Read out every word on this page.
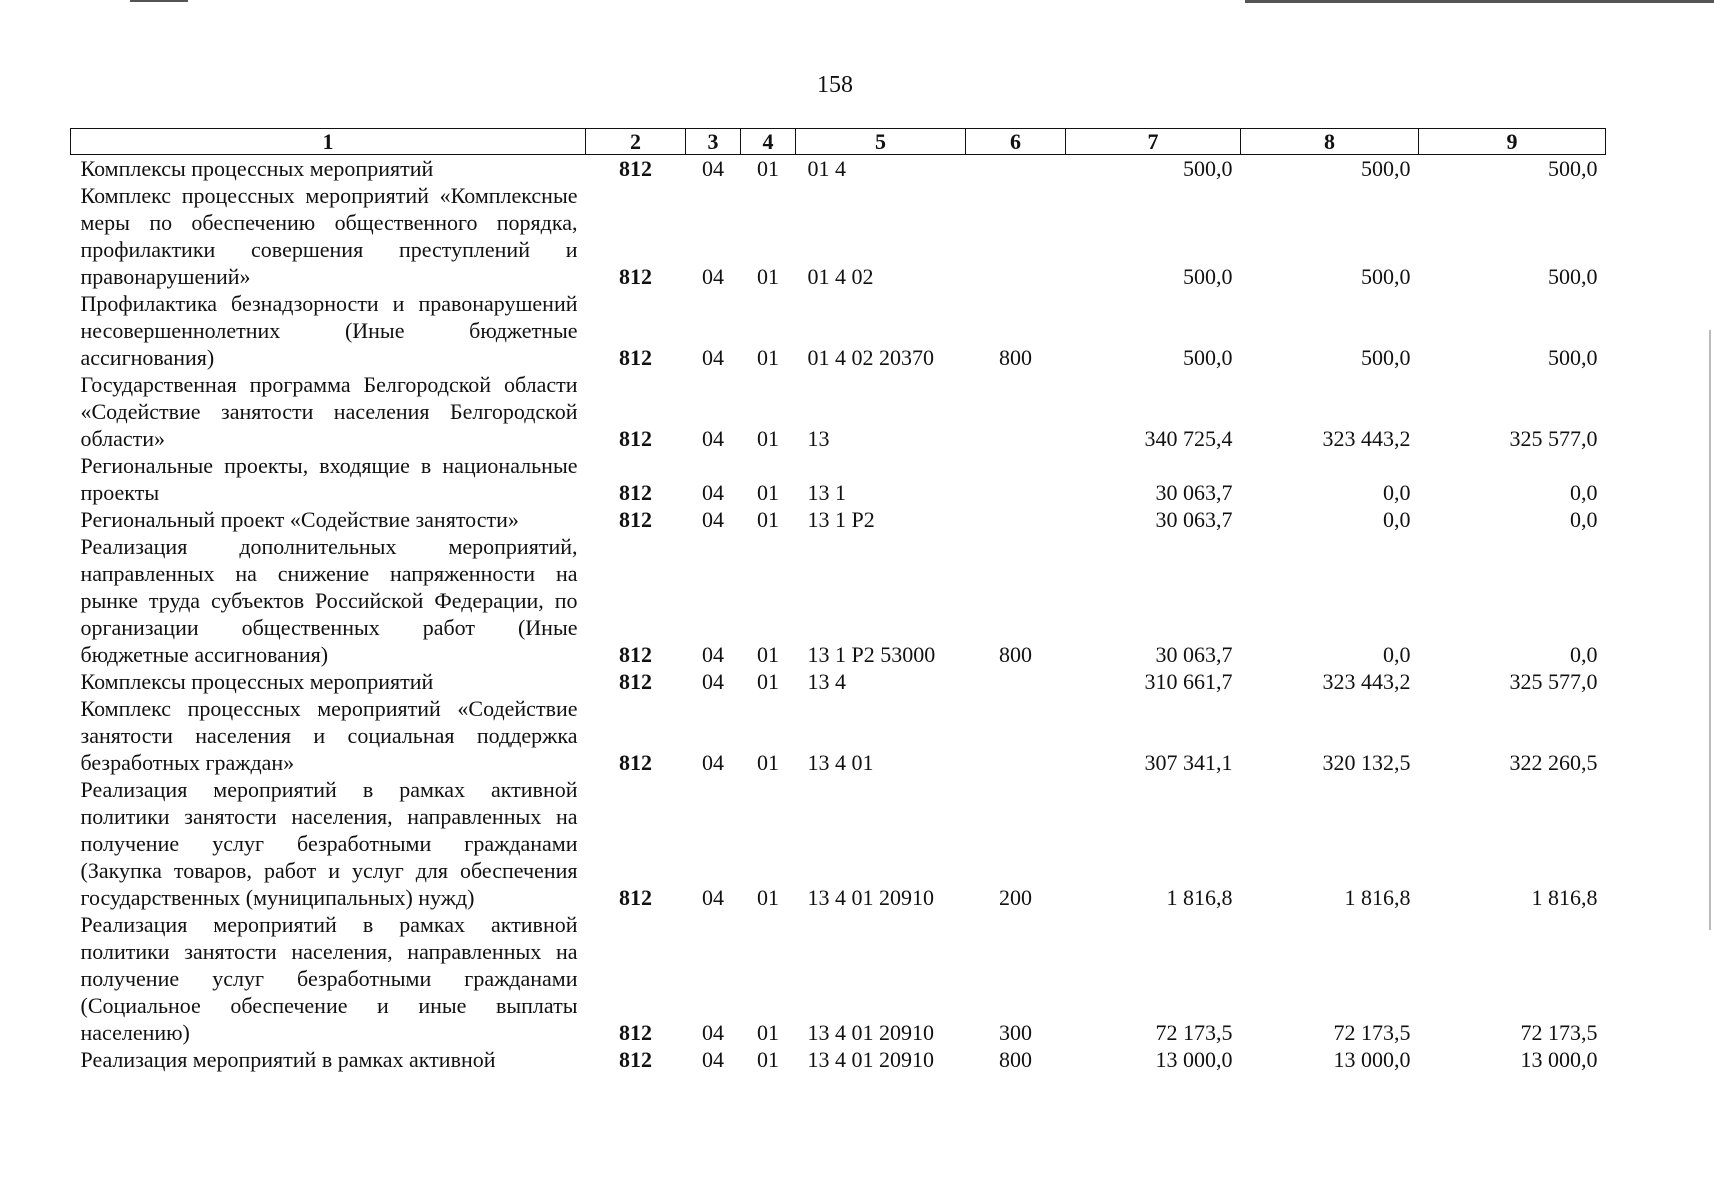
158
1	2	3	4	5	6	7	8	9
Комплексы процессных мероприятий	812	04	01	01 4		500,0	500,0	500,0
Комплекс процессных мероприятий «Комплексные меры по обеспечению общественного порядка, профилактики совершения преступлений и правонарушений»	812	04	01	01 4 02		500,0	500,0	500,0
Профилактика безнадзорности и правонарушений несовершеннолетних (Иные бюджетные ассигнования)	812	04	01	01 4 02 20370	800	500,0	500,0	500,0
Государственная программа Белгородской области «Содействие занятости населения Белгородской области»	812	04	01	13		340 725,4	323 443,2	325 577,0
Региональные проекты, входящие в национальные проекты	812	04	01	13 1		30 063,7	0,0	0,0
Региональный проект «Содействие занятости»	812	04	01	13 1 P2		30 063,7	0,0	0,0
Реализация дополнительных мероприятий, направленных на снижение напряженности на рынке труда субъектов Российской Федерации, по организации общественных работ (Иные бюджетные ассигнования)	812	04	01	13 1 P2 53000	800	30 063,7	0,0	0,0
Комплексы процессных мероприятий	812	04	01	13 4		310 661,7	323 443,2	325 577,0
Комплекс процессных мероприятий «Содействие занятости населения и социальная поддержка безработных граждан»	812	04	01	13 4 01		307 341,1	320 132,5	322 260,5
Реализация мероприятий в рамках активной политики занятости населения, направленных на получение услуг безработными гражданами (Закупка товаров, работ и услуг для обеспечения государственных (муниципальных) нужд)	812	04	01	13 4 01 20910	200	1 816,8	1 816,8	1 816,8
Реализация мероприятий в рамках активной политики занятости населения, направленных на получение услуг безработными гражданами (Социальное обеспечение и иные выплаты населению)	812	04	01	13 4 01 20910	300	72 173,5	72 173,5	72 173,5
Реализация мероприятий в рамках активной	812	04	01	13 4 01 20910	800	13 000,0	13 000,0	13 000,0
